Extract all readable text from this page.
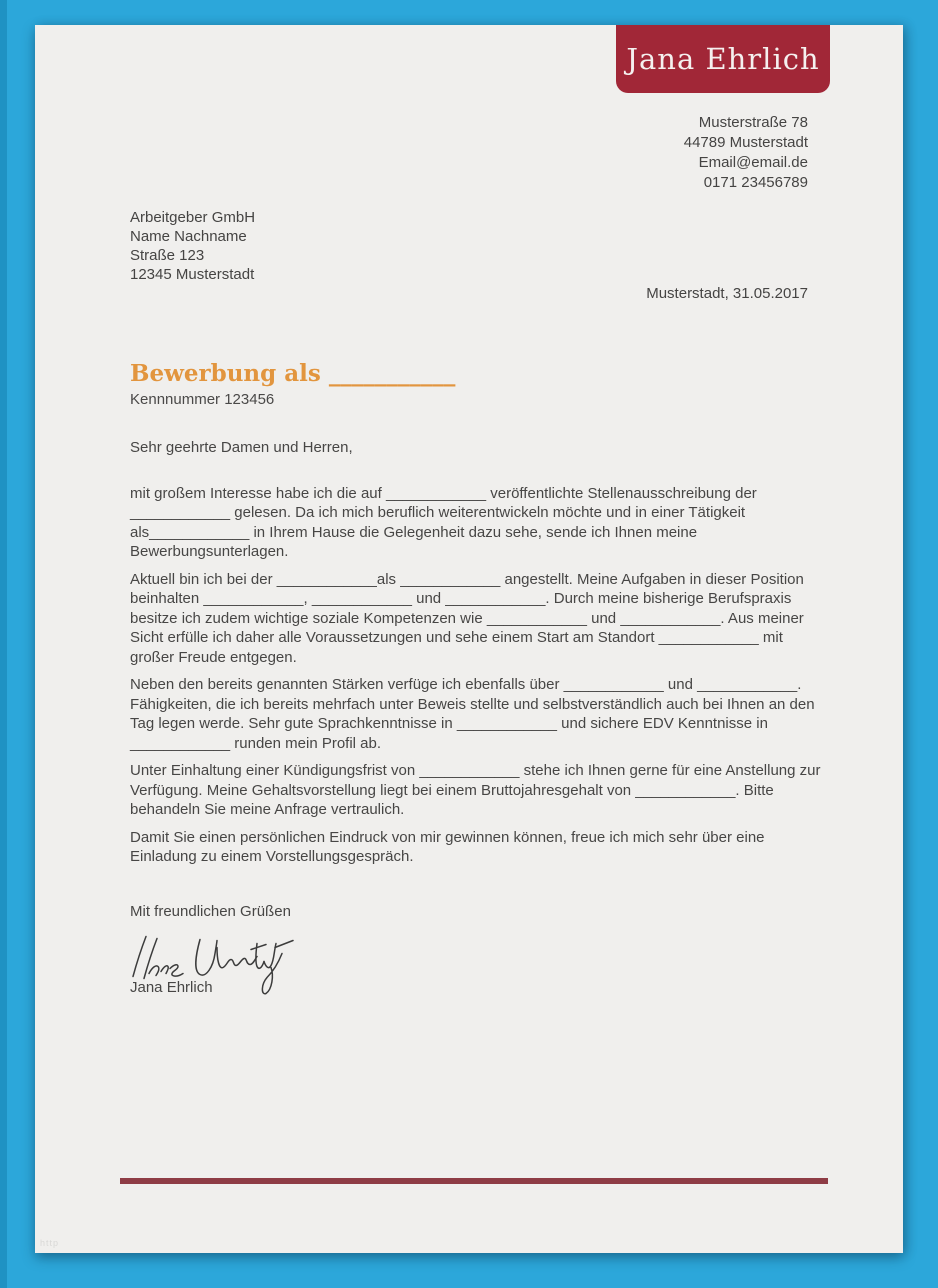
Jana Ehrlich
Musterstraße 78
44789 Musterstadt
Email@email.de
0171 23456789
Arbeitgeber GmbH
Name Nachname
Straße 123
12345 Musterstadt
Musterstadt, 31.05.2017
Bewerbung als ___________
Kennnummer 123456

Sehr geehrte Damen und Herren,

mit großem Interesse habe ich die auf ____________ veröffentlichte Stellenausschreibung der ____________ gelesen. Da ich mich beruflich weiterentwickeln möchte und in einer Tätigkeit als____________ in Ihrem Hause die Gelegenheit dazu sehe, sende ich Ihnen meine Bewerbungsunterlagen.

Aktuell bin ich bei der ____________als ____________ angestellt. Meine Aufgaben in dieser Position beinhalten ____________, ____________ und ____________. Durch meine bisherige Berufspraxis besitze ich zudem wichtige soziale Kompetenzen wie ____________ und ____________. Aus meiner Sicht erfülle ich daher alle Voraussetzungen und sehe einem Start am Standort ____________ mit großer Freude entgegen.

Neben den bereits genannten Stärken verfüge ich ebenfalls über ____________ und ____________. Fähigkeiten, die ich bereits mehrfach unter Beweis stellte und selbstverständlich auch bei Ihnen an den Tag legen werde. Sehr gute Sprachkenntnisse in ____________ und sichere EDV Kenntnisse in ____________ runden mein Profil ab.

Unter Einhaltung einer Kündigungsfrist von ____________ stehe ich Ihnen gerne für eine Anstellung zur Verfügung. Meine Gehaltsvorstellung liegt bei einem Bruttojahresgehalt von ____________. Bitte behandeln Sie meine Anfrage vertraulich.

Damit Sie einen persönlichen Eindruck von mir gewinnen können, freue ich mich sehr über eine Einladung zu einem Vorstellungsgespräch.

Mit freundlichen Grüßen
Jana Ehrlich
http
